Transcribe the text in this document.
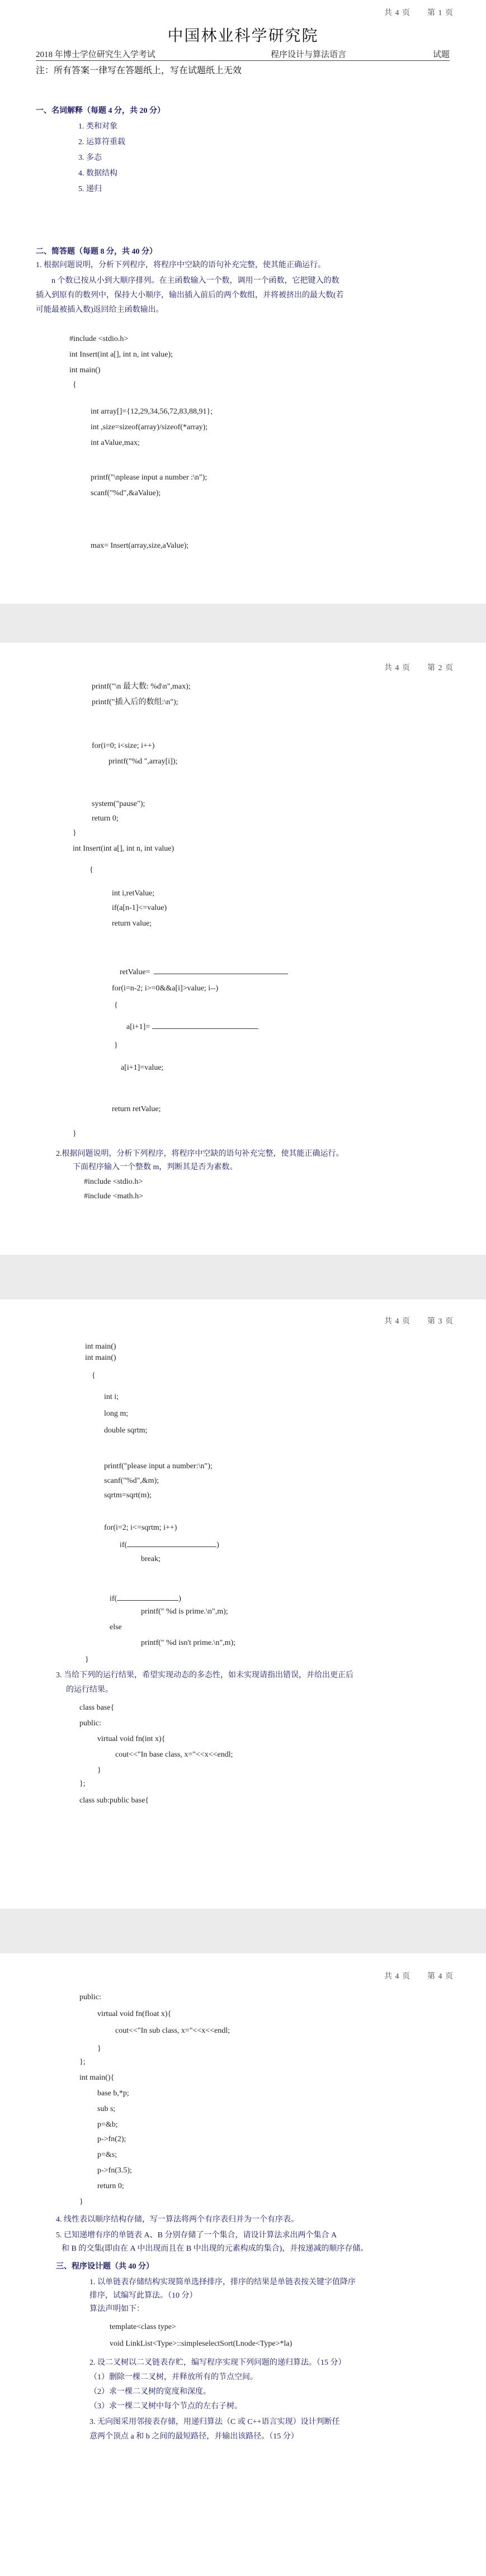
共 4 页　　第 1 页
中国林业科学研究院
2018 年博士学位研究生入学考试	程序设计与算法语言	试题
注：所有答案一律写在答题纸上，写在试题纸上无效
一、名词解释（每题 4 分，共 20 分）
1. 类和对象
2. 运算符重载
3. 多态
4. 数据结构
5. 递归
二、简答题（每题 8 分，共 40 分）
1. 根据问题说明，分析下列程序，将程序中空缺的语句补充完整，使其能正确运行。
n 个数已按从小到大顺序排列。在主函数输入一个数，调用一个函数，它把键入的数
插入到原有的数列中，保持大小顺序，输出插入前后的两个数组，并将被挤出的最大数(若
可能最被插入数)返回给主函数输出。
#include <stdio.h>
int Insert(int a[], int n, int value);
int main()
{
int array[]={12,29,34,56,72,83,88,91};
int ,size=sizeof(array)/sizeof(*array);
int aValue,max;
printf("\nplease input a number :\n");
scanf("%d",&aValue);
max= Insert(array,size,aValue);
共 4 页　　第 2 页
printf("\n 最大数: %d\n",max);
printf("插入后的数组:\n");
for(i=0; i<size; i++)
printf("%d ",array[i]);
system("pause");
return 0;
}
int Insert(int a[], int n, int value)
{
int i,retValue;
if(a[n-1]<=value)
return value;
retValue=
for(i=n-2; i>=0&&a[i]>value; i--)
{
a[i+1]=
}
a[i+1]=value;
return retValue;
}
2.根据问题说明，分析下列程序，将程序中空缺的语句补充完整，使其能正确运行。
下面程序输入一个整数 m，判断其是否为素数。
#include <stdio.h>
#include <math.h>
共 4 页　　第 3 页
int main()
int main()
{
int i;
long m;
double sqrtm;
printf("please input a number:\n");
scanf("%d",&m);
sqrtm=sqrt(m);
for(i=2; i<=sqrtm; i++)
if(	)
break;
if(	)
printf(" %d is prime.\n",m);
else
printf(" %d isn't prime.\n",m);
}
3. 当给下列的运行结果，希望实现动态的多态性，如未实现请指出错误，并给出更正后
的运行结果。
class base{
public:
virtual void fn(int x){
cout<<"In base class, x="<<x<<endl;
}
};
class sub:public base{
共 4 页　　第 4 页
public:
virtual void fn(float x){
cout<<"In sub class, x="<<x<<endl;
}
};
int main(){
base b,*p;
sub s;
p=&b;
p->fn(2);
p=&s;
p->fn(3.5);
return 0;
}
4. 线性表以顺序结构存储，写一算法将两个有序表归并为一个有序表。
5. 已知递增有序的单链表 A、B 分别存储了一个集合，请设计算法求出两个集合 A
和 B 的交集(即由在 A 中出现而且在 B 中出现的元素构成的集合)，并按递减的顺序存储。
三、程序设计题（共 40 分）
1. 以单链表存储结构实现简单选择排序，排序的结果是单链表按关键字值降序
排序，试编写此算法。（10 分）
算法声明如下：
template<class type>
void LinkList<Type>::simpleselectSort(Lnode<Type>*la)
2. 设二叉树以二叉链表存贮，编写程序实现下列问题的递归算法。（15 分）
（1）删除一棵二叉树，并释放所有的节点空间。
（2）求一棵二叉树的宽度和深度。
（3）求一棵二叉树中每个节点的左右子树。
3. 无向图采用邻接表存储，用递归算法（C 或 C++语言实现）设计判断任
意两个顶点 a 和 b 之间的最短路径，并输出该路径。（15 分）
